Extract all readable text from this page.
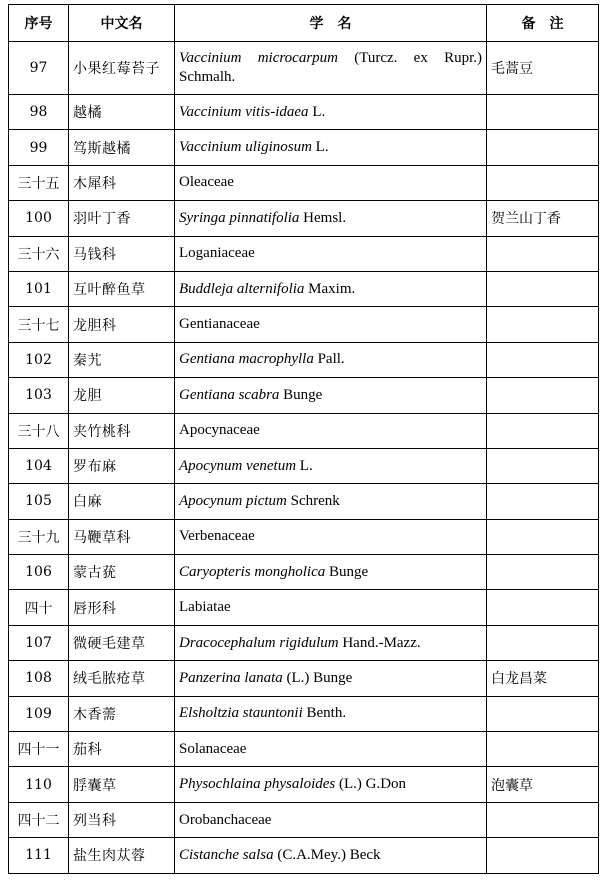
序号	中文名	学　名	备　注
97	小果红莓苔子	Vaccinium microcarpum (Turcz. ex Rupr.) Schmalh.	毛蒿豆
98	越橘	Vaccinium vitis-idaea L.	
99	笃斯越橘	Vaccinium uliginosum L.	
三十五	木犀科	Oleaceae	
100	羽叶丁香	Syringa pinnatifolia Hemsl.	贺兰山丁香
三十六	马钱科	Loganiaceae	
101	互叶醉鱼草	Buddleja alternifolia Maxim.	
三十七	龙胆科	Gentianaceae	
102	秦艽	Gentiana macrophylla Pall.	
103	龙胆	Gentiana scabra Bunge	
三十八	夹竹桃科	Apocynaceae	
104	罗布麻	Apocynum venetum L.	
105	白麻	Apocynum pictum Schrenk	
三十九	马鞭草科	Verbenaceae	
106	蒙古莸	Caryopteris mongholica Bunge	
四十	唇形科	Labiatae	
107	微硬毛建草	Dracocephalum rigidulum Hand.-Mazz.	
108	绒毛脓疮草	Panzerina lanata (L.) Bunge	白龙昌菜
109	木香薷	Elsholtzia stauntonii Benth.	
四十一	茄科	Solanaceae	
110	脬囊草	Physochlaina physaloides (L.) G.Don	泡囊草
四十二	列当科	Orobanchaceae	
111	盐生肉苁蓉	Cistanche salsa (C.A.Mey.) Beck	
